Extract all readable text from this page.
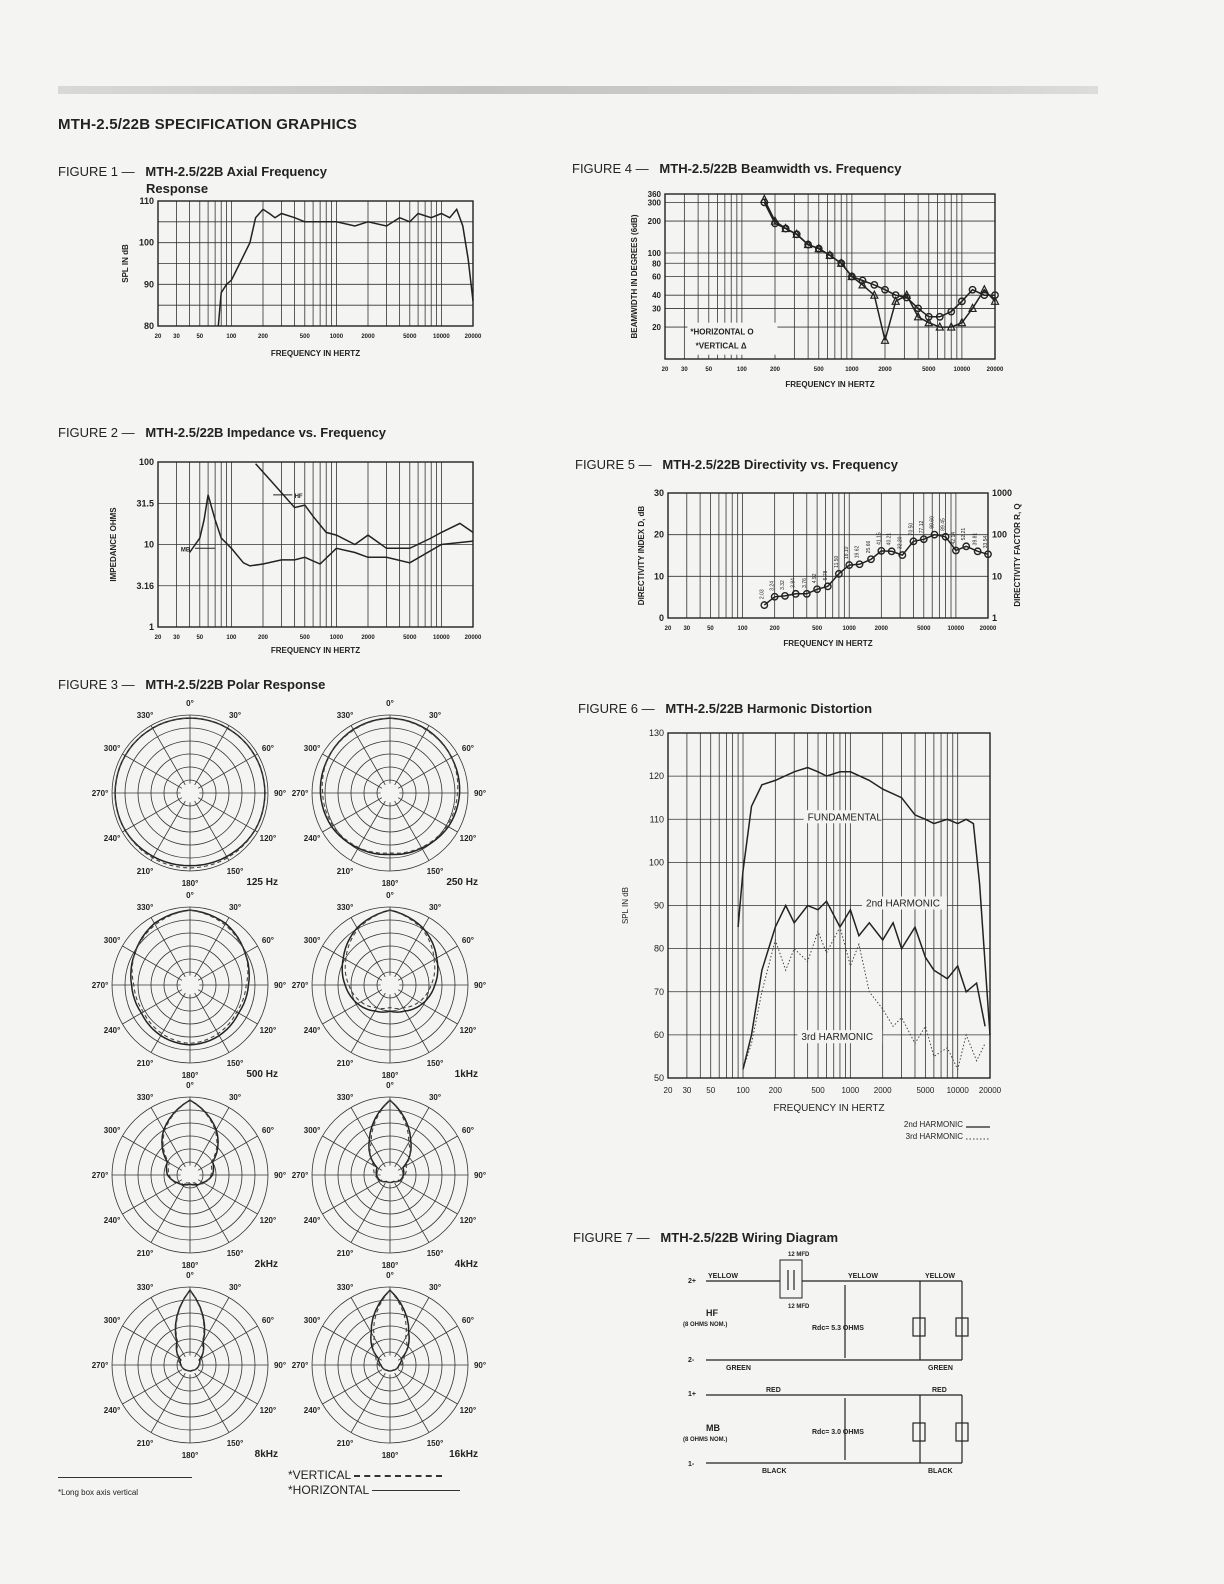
MTH-2.5/22B SPECIFICATION GRAPHICS
FIGURE 1 — MTH-2.5/22B Axial Frequency
Response
FIGURE 2 — MTH-2.5/22B Impedance vs. Frequency
FIGURE 3 — MTH-2.5/22B Polar Response
FIGURE 4 — MTH-2.5/22B Beamwidth vs. Frequency
FIGURE 5 — MTH-2.5/22B Directivity vs. Frequency
FIGURE 6 — MTH-2.5/22B Harmonic Distortion
FIGURE 7 — MTH-2.5/22B Wiring Diagram
20 30	50	100	200	500	1000	2000	5000	10000 20000
80
90
100
110
FREQUENCY IN HERTZ
SPL IN dB
20 30	50	100	200	500	1000	2000	5000	10000 20000
1
3.16
10
31.5
100
FREQUENCY IN HERTZ
IMPEDANCE OHMS
HF
MB
20 30	50	100	200	500	1000	2000	5000	10000	20000
20
30
40
60
80
100
200
300
360
FREQUENCY IN HERTZ
BEAMWIDTH IN DEGREES (6dB)	*HORIZONTAL O
*VERTICAL Δ
20 30	50	100	200	500	1000	2000	5000	10000	20000
0
10
20
30
FREQUENCY IN HERTZ
DIRECTIVITY INDEX D, dB	2.03
3.24 3.32 3.84 3.76 4.92 5.78
11.50
18.10 19.62 25.66
41.15 40.21 32.20
70.50 77.12 99.60 89.45
42.14 52.21 39.81 33.54
1
10
100
1000
DIRECTIVITY FACTOR R, Q
20 30 50	100 200	500 1000 2000	5000 10000 20000
50
60
70
80
90
100
110
120
130
FREQUENCY IN HERTZ
SPL IN dB
FUNDAMENTAL
2nd HARMONIC
3rd HARMONIC
2nd HARMONIC
3rd HARMONIC
0°
30°
60°
90°
120°
150°
180°
210°
240°
270°
300°
330°
125 Hz
0°
30°
60°
90°
120°
150°
180°
210°
240°
270°
300°
330°
250 Hz
0°
30°
60°
90°
120°
150°
180°
210°
240°
270°
300°
330°
500 Hz
0°
30°
60°
90°
120°
150°
180°
210°
240°
270°
300°
330°
1kHz
0°
30°
60°
90°
120°
150°
180°
210°
240°
270°
300°
330°
2kHz
0°
30°
60°
90°
120°
150°
180°
210°
240°
270°
300°
330°
4kHz
0°
30°
60°
90°
120°
150°
180°
210°
240°
270°
300°
330°
8kHz
0°
30°
60°
90°
120°
150°
180°
210°
240°
270°
300°
330°
16kHz
12 MFD
12 MFD
2+
YELLOW	YELLOW	YELLOW
HF
(8 OHMS NOM.)	Rdc= 5.3 OHMS
2-
GREEN	GREEN
1+
RED	RED
MB
(8 OHMS NOM.)
Rdc= 3.0 OHMS
1-
BLACK	BLACK
*Long box axis vertical
*VERTICAL
*HORIZONTAL
